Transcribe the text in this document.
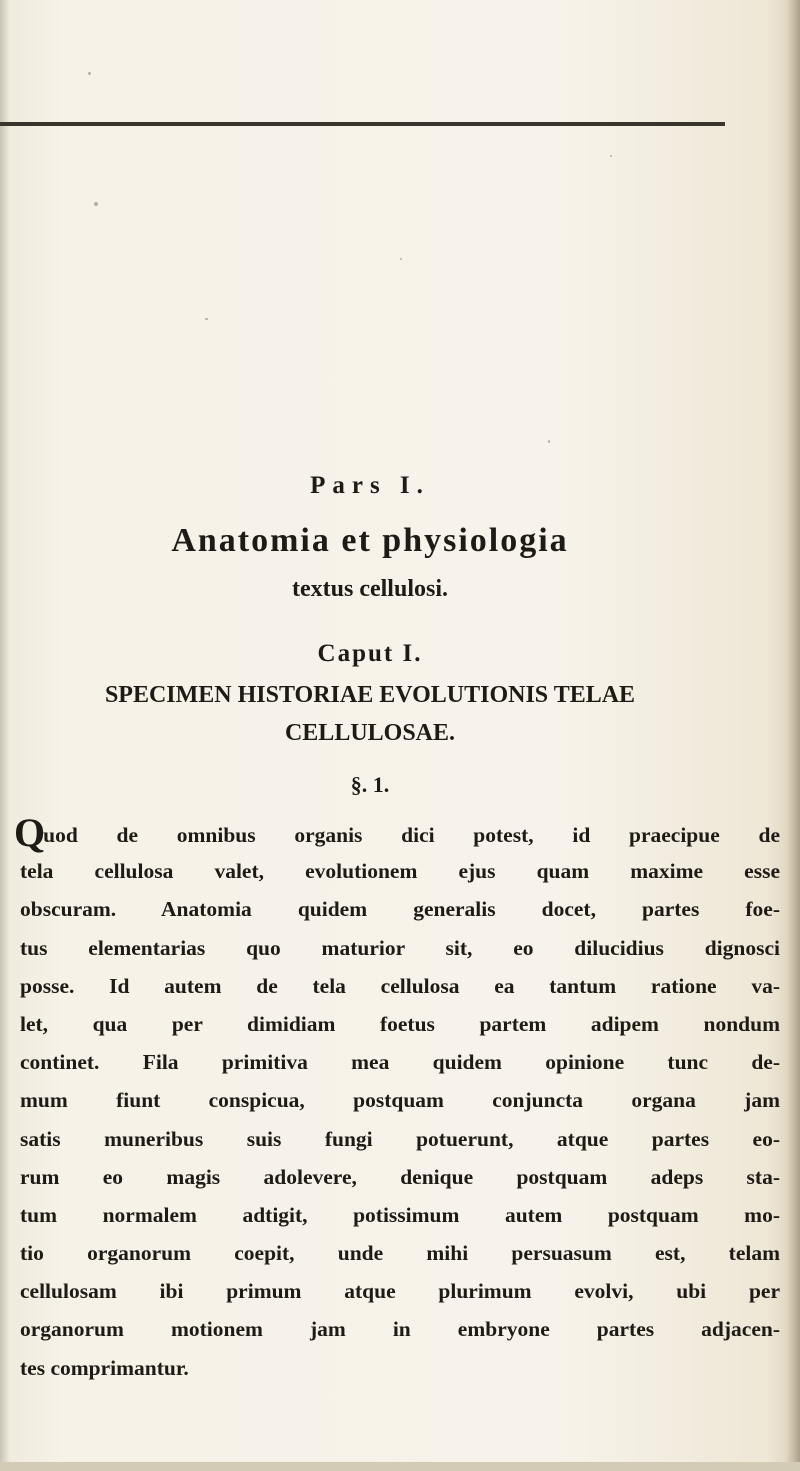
Pars I.
Anatomia et physiologia
textus cellulosi.
Caput I.
SPECIMEN HISTORIAE EVOLUTIONIS TELAE
CELLULOSAE.
§. 1.
Quod de omnibus organis dici potest, id praecipue de
tela cellulosa valet, evolutionem ejus quam maxime esse
obscuram. Anatomia quidem generalis docet, partes foe-
tus elementarias quo maturior sit, eo dilucidius dignosci
posse. Id autem de tela cellulosa ea tantum ratione va-
let, qua per dimidiam foetus partem adipem nondum
continet. Fila primitiva mea quidem opinione tunc de-
mum fiunt conspicua, postquam conjuncta organa jam
satis muneribus suis fungi potuerunt, atque partes eo-
rum eo magis adolevere, denique postquam adeps sta-
tum normalem adtigit, potissimum autem postquam mo-
tio organorum coepit, unde mihi persuasum est, telam
cellulosam ibi primum atque plurimum evolvi, ubi per
organorum motionem jam in embryone partes adjacen-
tes comprimantur.
